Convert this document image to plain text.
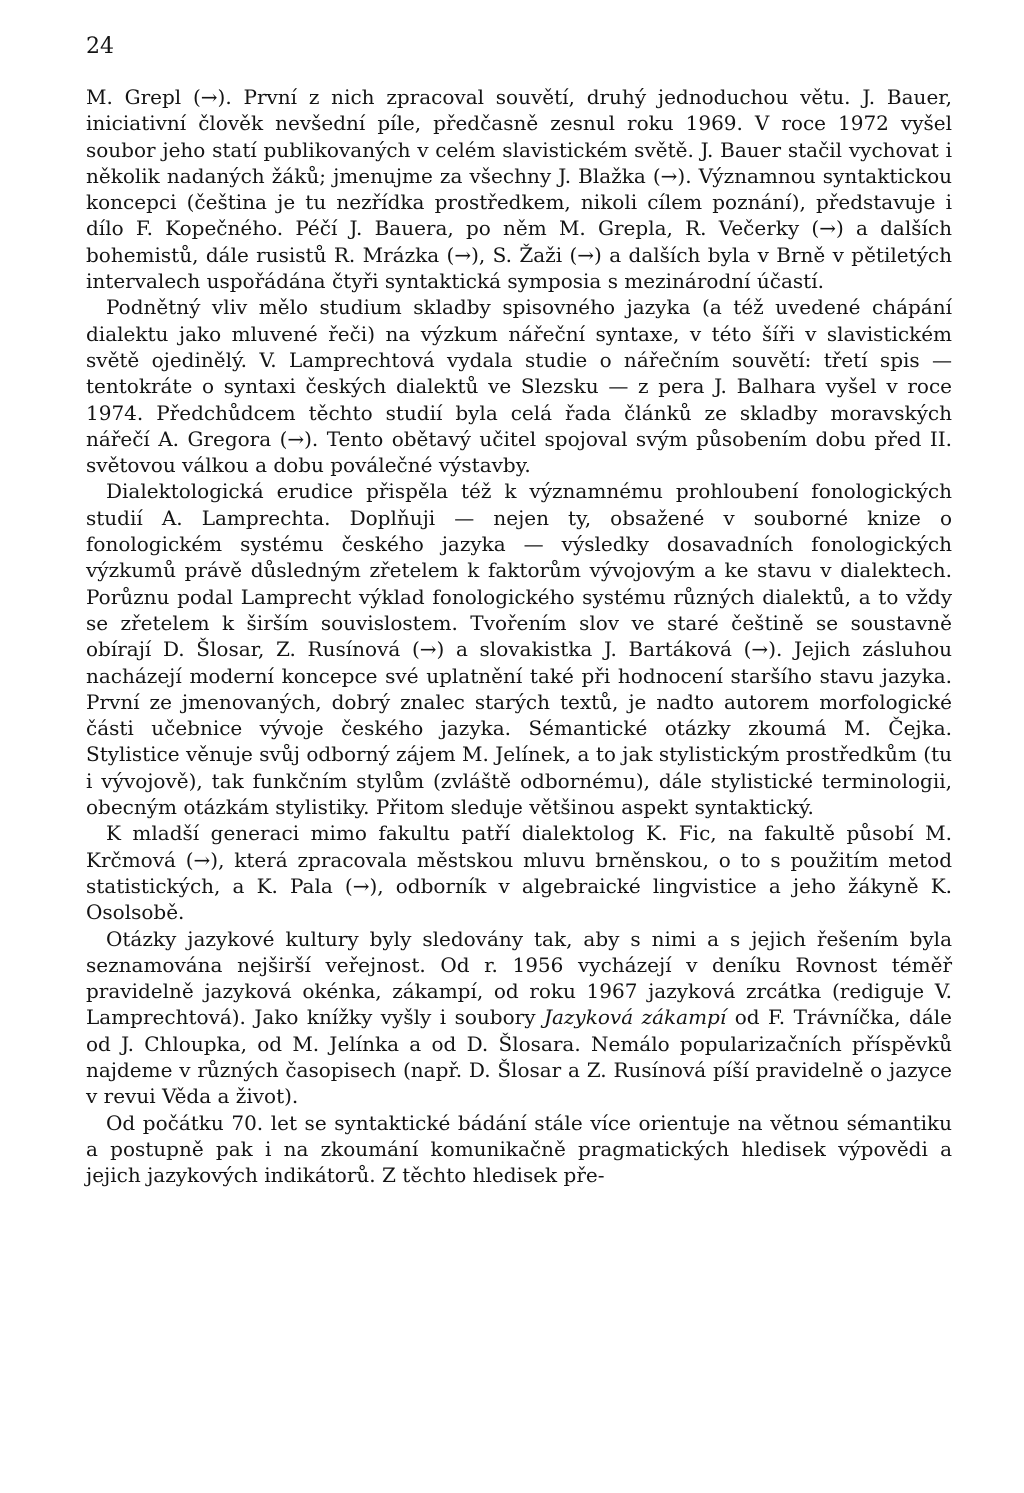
24

M. Grepl (→). První z nich zpracoval souvětí, druhý jednoduchou větu. J. Bauer, iniciativní člověk nevšední píle, předčasně zesnul roku 1969. V roce 1972 vyšel soubor jeho statí publikovaných v celém slavistickém světě. J. Bauer stačil vychovat i několik nadaných žáků; jmenujme za všechny J. Blažka (→). Významnou syntaktickou koncepci (čeština je tu nezřídka prostředkem, nikoli cílem poznání), představuje i dílo F. Kopečného. Péčí J. Bauera, po něm M. Grepla, R. Večerky (→) a dalších bohemistů, dále rusistů R. Mrázka (→), S. Žaži (→) a dalších byla v Brně v pětiletých intervalech uspořádána čtyři syntaktická symposia s mezinárodní účastí.

Podnětný vliv mělo studium skladby spisovného jazyka (a též uvedené chápání dialektu jako mluvené řeči) na výzkum nářeční syntaxe, v této šíři v slavistickém světě ojedinělý. V. Lamprechtová vydala studie o nářečním souvětí: třetí spis — tentokráte o syntaxi českých dialektů ve Slezsku — z pera J. Balhara vyšel v roce 1974. Předchůdcem těchto studií byla celá řada článků ze skladby moravských nářečí A. Gregora (→). Tento obětavý učitel spojoval svým působením dobu před II. světovou válkou a dobu poválečné výstavby.

Dialektologická erudice přispěla též k významnému prohloubení fonologických studií A. Lamprechta. Doplňuji — nejen ty, obsažené v souborné knize o fonologickém systému českého jazyka — výsledky dosavadních fonologických výzkumů právě důsledným zřetelem k faktorům vývojovým a ke stavu v dialektech. Porůznu podal Lamprecht výklad fonologického systému různých dialektů, a to vždy se zřetelem k širším souvislostem. Tvořením slov ve staré češtině se soustavně obírají D. Šlosar, Z. Rusínová (→) a slovakistka J. Bartáková (→). Jejich zásluhou nacházejí moderní koncepce své uplatnění také při hodnocení staršího stavu jazyka. První ze jmenovaných, dobrý znalec starých textů, je nadto autorem morfologické části učebnice vývoje českého jazyka. Sémantické otázky zkoumá M. Čejka. Stylistice věnuje svůj odborný zájem M. Jelínek, a to jak stylistickým prostředkům (tu i vývojově), tak funkčním stylům (zvláště odbornému), dále stylistické terminologii, obecným otázkám stylistiky. Přitom sleduje většinou aspekt syntaktický.

K mladší generaci mimo fakultu patří dialektolog K. Fic, na fakultě působí M. Krčmová (→), která zpracovala městskou mluvu brněnskou, o to s použitím metod statistických, a K. Pala (→), odborník v algebraické lingvistice a jeho žákyně K. Osolsobě.

Otázky jazykové kultury byly sledovány tak, aby s nimi a s jejich řešením byla seznamována nejširší veřejnost. Od r. 1956 vycházejí v deníku Rovnost téměř pravidelně jazyková okénka, zákampí, od roku 1967 jazyková zrcátka (rediguje V. Lamprechtová). Jako knížky vyšly i soubory Jazyková zákampí od F. Trávníčka, dále od J. Chloupka, od M. Jelínka a od D. Šlosara. Nemálo popularizačních příspěvků najdeme v různých časopisech (např. D. Šlosar a Z. Rusínová píší pravidelně o jazyce v revui Věda a život).

Od počátku 70. let se syntaktické bádání stále více orientuje na větnou sémantiku a postupně pak i na zkoumání komunikačně pragmatických hledisek výpovědi a jejich jazykových indikátorů. Z těchto hledisek pře-
